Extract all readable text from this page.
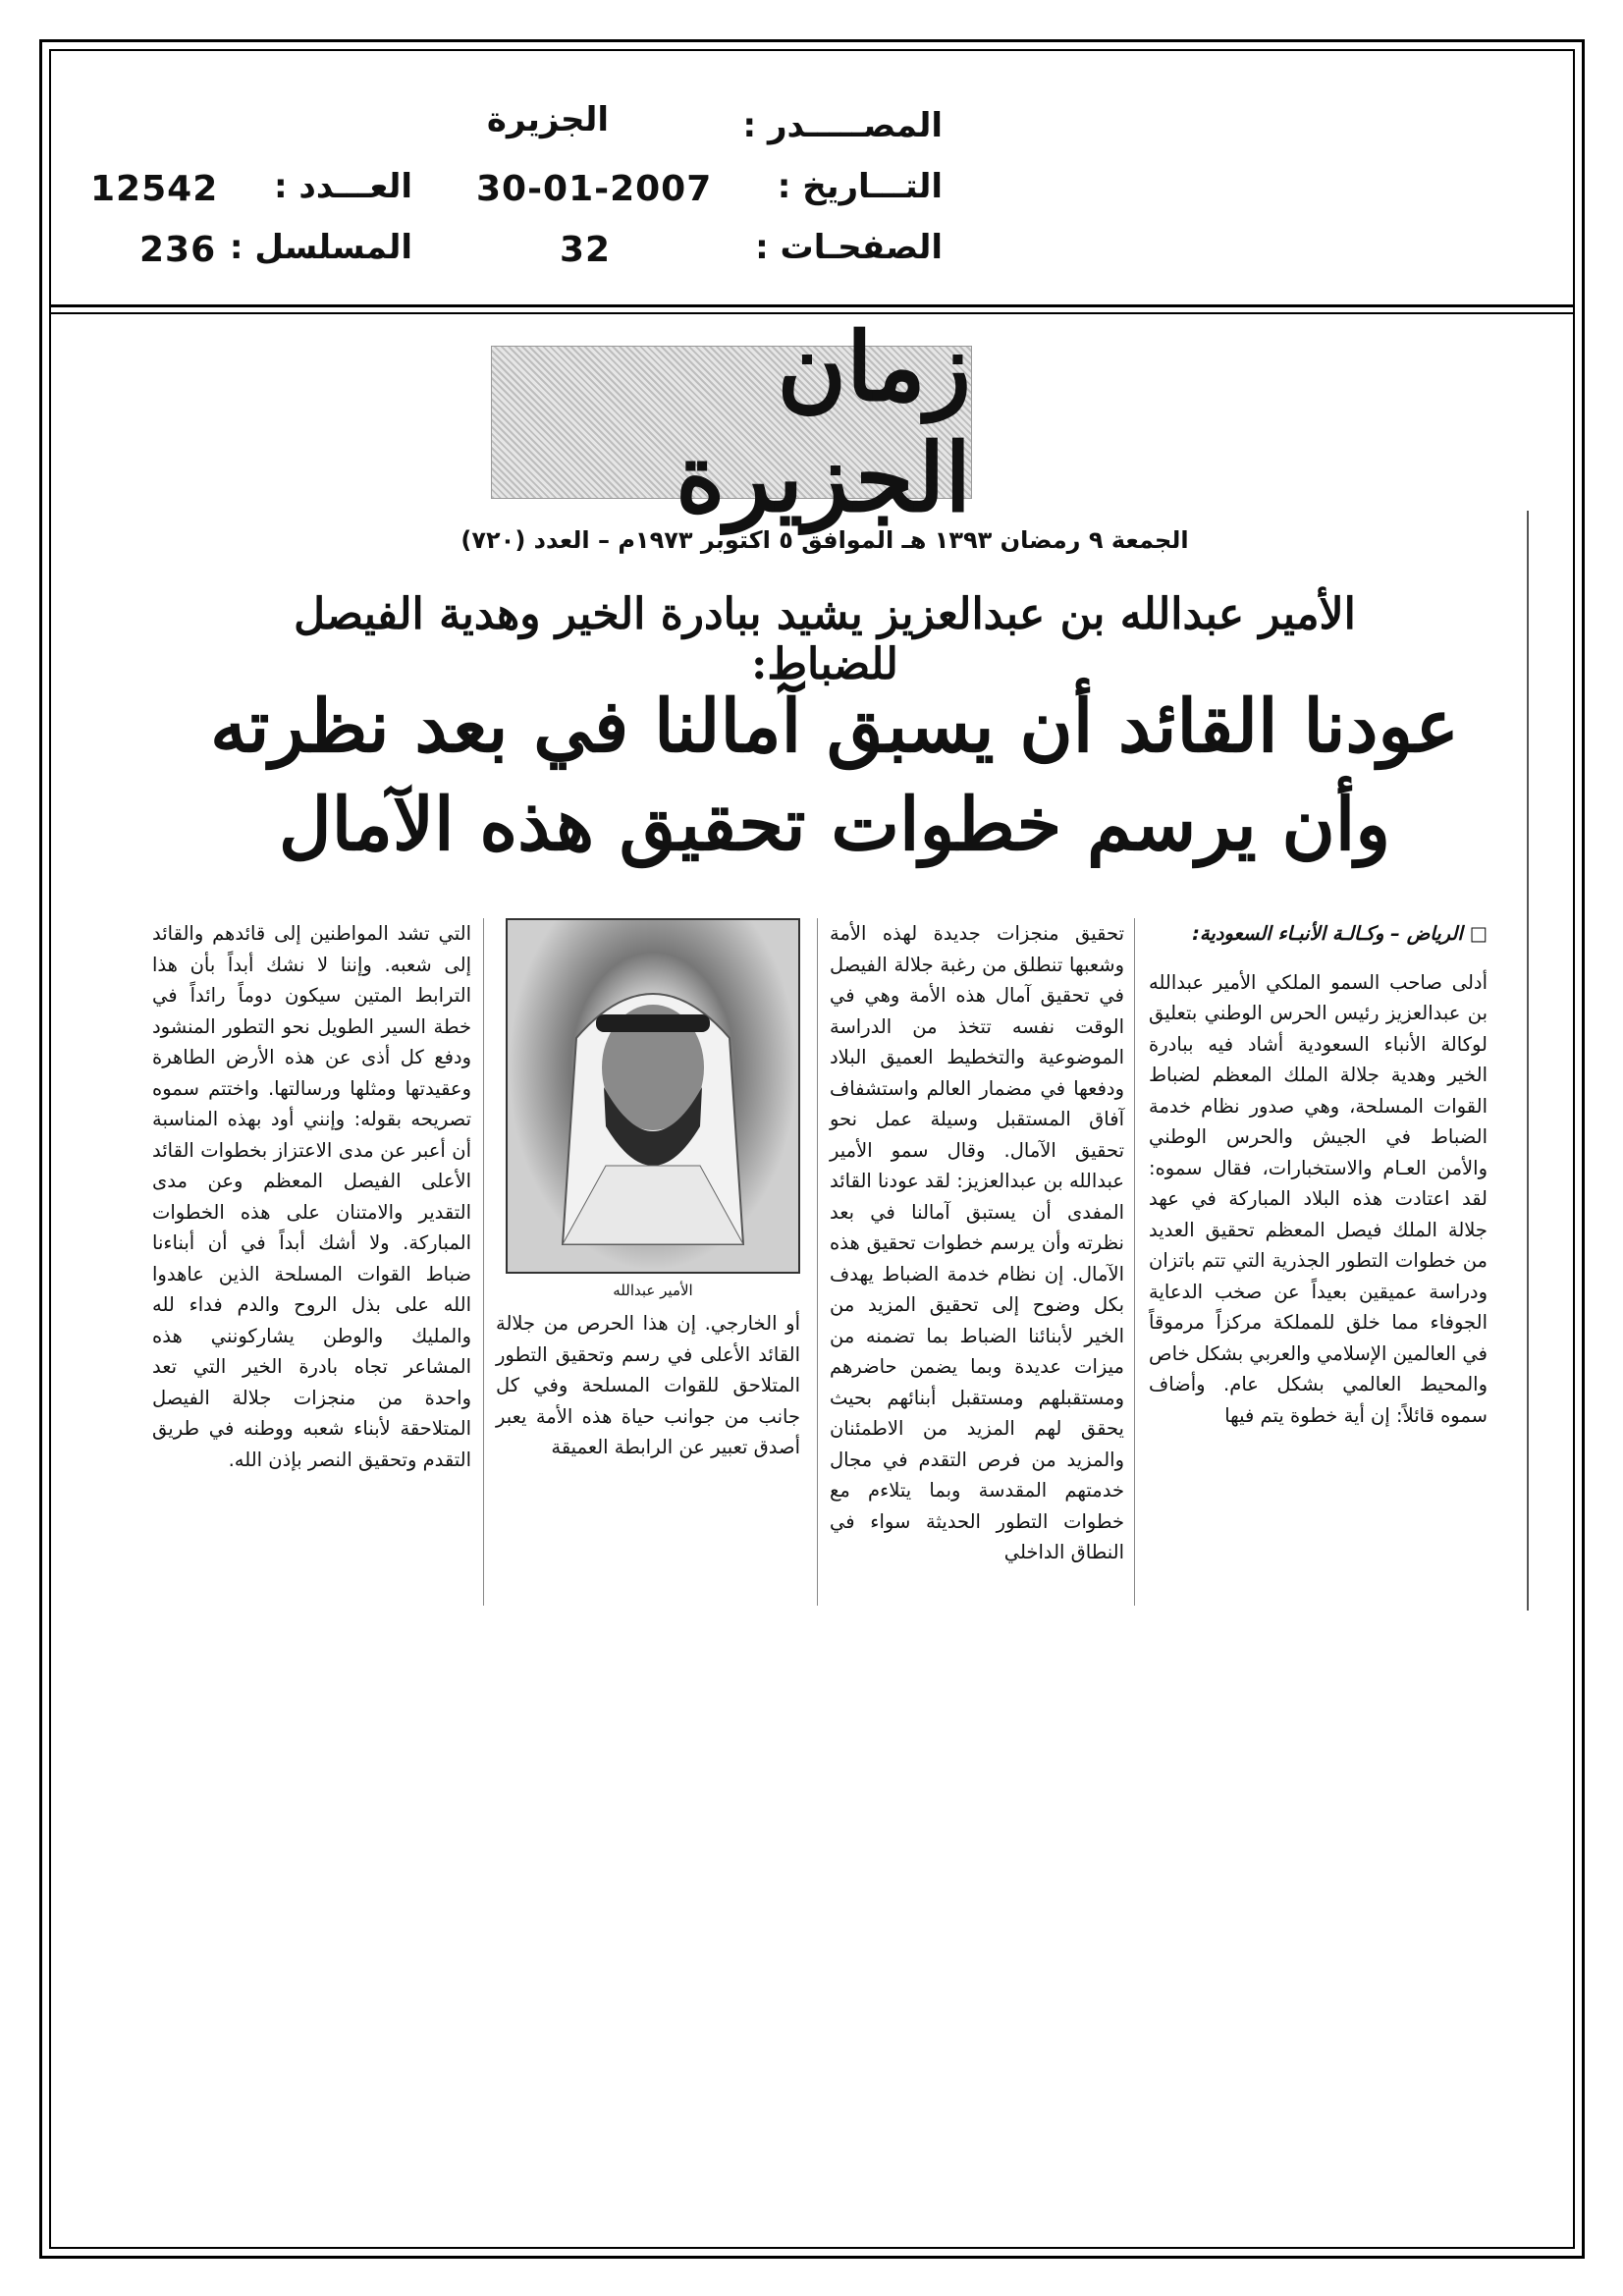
المصـــــدر :
الجزيرة
التـــاريخ :
30-01-2007
العـــدد :
12542
الصفحـات :
32
المسلسل :
236
زمان الجزيرة
الجمعة ٩ رمضان ١٣٩٣ هـ الموافق ٥ اكتوبر ١٩٧٣م – العدد (٧٢٠)
الأمير عبدالله بن عبدالعزيز يشيد ببادرة الخير وهدية الفيصل للضباط:
عودنا القائد أن يسبق آمالنا في بعد نظرته
وأن يرسم خطوات تحقيق هذه الآمال

□ الرياض – وكـالـة الأنبـاء السعودية:

أدلى صاحب السمو الملكي الأمير عبدالله بن عبدالعزيز رئيس الحرس الوطني بتعليق لوكالة الأنباء السعودية أشاد فيه ببادرة الخير وهدية جلالة الملك المعظم لضباط القوات المسلحة، وهي صدور نظام خدمة الضباط في الجيش والحرس الوطني والأمن العـام والاستخبارات، فقال سموه: لقد اعتادت هذه البلاد المباركة في عهد جلالة الملك فيصل المعظم تحقيق العديد من خطوات التطور الجذرية التي تتم باتزان ودراسة عميقين بعيداً عن صخب الدعاية الجوفاء مما خلق للمملكة مركزاً مرموقاً في العالمين الإسلامي والعربي بشكل خاص والمحيط العالمي بشكل عام. وأضاف سموه قائلاً: إن أية خطوة يتم فيها

تحقيق منجزات جديدة لهذه الأمة وشعبها تنطلق من رغبة جلالة الفيصل في تحقيق آمال هذه الأمة وهي في الوقت نفسه تتخذ من الدراسة الموضوعية والتخطيط العميق البلاد ودفعها في مضمار العالم واستشفاف آفاق المستقبل وسيلة عمل نحو تحقيق الآمال. وقال سمو الأمير عبدالله بن عبدالعزيز: لقد عودنا القائد المفدى أن يستبق آمالنا في بعد نظرته وأن يرسم خطوات تحقيق هذه الآمال. إن نظام خدمة الضباط يهدف بكل وضوح إلى تحقيق المزيد من الخير لأبنائنا الضباط بما تضمنه من ميزات عديدة وبما يضمن حاضرهم ومستقبلهم ومستقبل أبنائهم بحيث يحقق لهم المزيد من الاطمئنان والمزيد من فرص التقدم في مجال خدمتهم المقدسة وبما يتلاءم مع خطوات التطور الحديثة سواء في النطاق الداخلي

الأمير عبدالله

أو الخارجي. إن هذا الحرص من جلالة القائد الأعلى في رسم وتحقيق التطور المتلاحق للقوات المسلحة وفي كل جانب من جوانب حياة هذه الأمة يعبر أصدق تعبير عن الرابطة العميقة

التي تشد المواطنين إلى قائدهم والقائد إلى شعبه. وإننا لا نشك أبداً بأن هذا الترابط المتين سيكون دوماً رائداً في خطة السير الطويل نحو التطور المنشود ودفع كل أذى عن هذه الأرض الطاهرة وعقيدتها ومثلها ورسالتها. واختتم سموه تصريحه بقوله: وإنني أود بهذه المناسبة أن أعبر عن مدى الاعتزاز بخطوات القائد الأعلى الفيصل المعظم وعن مدى التقدير والامتنان على هذه الخطوات المباركة. ولا أشك أبداً في أن أبناءنا ضباط القوات المسلحة الذين عاهدوا الله على بذل الروح والدم فداء لله والمليك والوطن يشاركونني هذه المشاعر تجاه بادرة الخير التي تعد واحدة من منجزات جلالة الفيصل المتلاحقة لأبناء شعبه ووطنه في طريق التقدم وتحقيق النصر بإذن الله.
